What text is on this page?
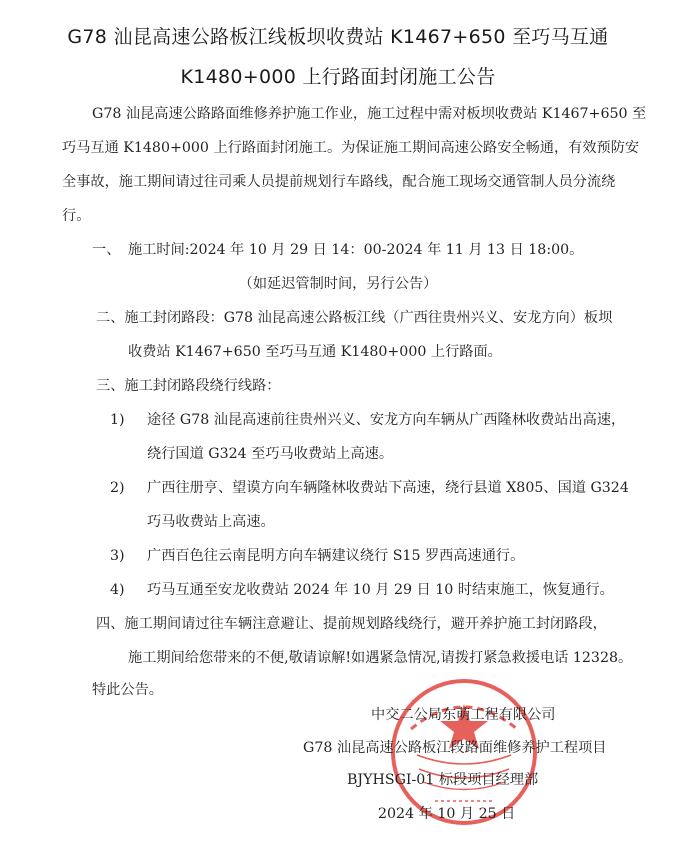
G78 汕昆高速公路板江线板坝收费站 K1467+650 至巧马互通
K1480+000 上行路面封闭施工公告
G78 汕昆高速公路路面维修养护施工作业，施工过程中需对板坝收费站 K1467+650 至
巧马互通 K1480+000 上行路面封闭施工。为保证施工期间高速公路安全畅通，有效预防安
全事故，施工期间请过往司乘人员提前规划行车路线，配合施工现场交通管制人员分流绕
行。
一、 施工时间:2024 年 10 月 29 日 14：00-2024 年 11 月 13 日 18:00。
（如延迟管制时间，另行公告）
二、施工封闭路段：G78 汕昆高速公路板江线（广西往贵州兴义、安龙方向）板坝
收费站 K1467+650 至巧马互通 K1480+000 上行路面。
三、施工封闭路段绕行线路：
1) 途径 G78 汕昆高速前往贵州兴义、安龙方向车辆从广西隆林收费站出高速，
绕行国道 G324 至巧马收费站上高速。
2) 广西往册亨、望谟方向车辆隆林收费站下高速，绕行县道 X805、国道 G324
巧马收费站上高速。
3) 广西百色往云南昆明方向车辆建议绕行 S15 罗西高速通行。
4) 巧马互通至安龙收费站 2024 年 10 月 29 日 10 时结束施工，恢复通行。
四、施工期间请过往车辆注意避让、提前规划路线绕行，避开养护施工封闭路段，
施工期间给您带来的不便,敬请谅解!如遇紧急情况,请拨打紧急救援电话 12328。
特此公告。
中交二公局东萌工程有限公司
G78 汕昆高速公路板江段路面维修养护工程项目
BJYHSGI-01 标段项目经理部
2024 年 10 月 25 日
